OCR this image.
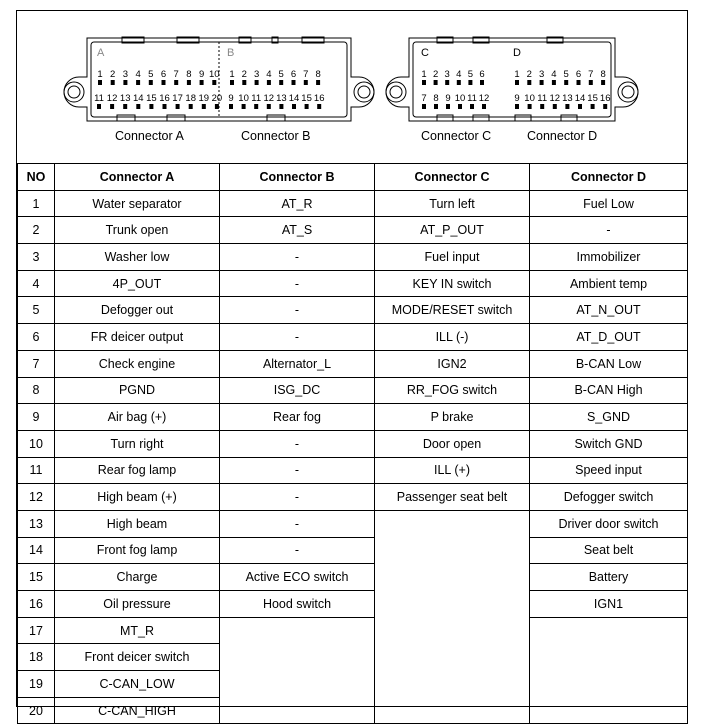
A	B	C	D
1 2 3 4 5 6 7 8 9 10
11 12 13 14 15 16 17 18 19 20
1 2 3 4 5 6 7 8
9 10 11 12 13 14 15 16
1 2 3 4 5 6
7 8 9 10 11 12
1 2 3 4 5 6 7 8
9 10 11 12 13 14 15 16
Connector A	Connector B	Connector C	Connector D
NO	Connector A	Connector B	Connector C	Connector D
1	Water separator	AT_R	Turn left	Fuel Low
2	Trunk open	AT_S	AT_P_OUT	-
3	Washer low	-	Fuel input	Immobilizer
4	4P_OUT	-	KEY IN switch	Ambient temp
5	Defogger out	-	MODE/RESET switch	AT_N_OUT
6	FR deicer output	-	ILL (-)	AT_D_OUT
7	Check engine	Alternator_L	IGN2	B-CAN Low
8	PGND	ISG_DC	RR_FOG switch	B-CAN High
9	Air bag (+)	Rear fog	P brake	S_GND
10	Turn right	-	Door open	Switch GND
11	Rear fog lamp	-	ILL (+)	Speed input
12	High beam (+)	-	Passenger seat belt	Defogger switch
13	High beam	-		Driver door switch
14	Front fog lamp	-		Seat belt
15	Charge	Active ECO switch		Battery
16	Oil pressure	Hood switch		IGN1
17	MT_R			
18	Front deicer switch			
19	C-CAN_LOW			
20	C-CAN_HIGH			
